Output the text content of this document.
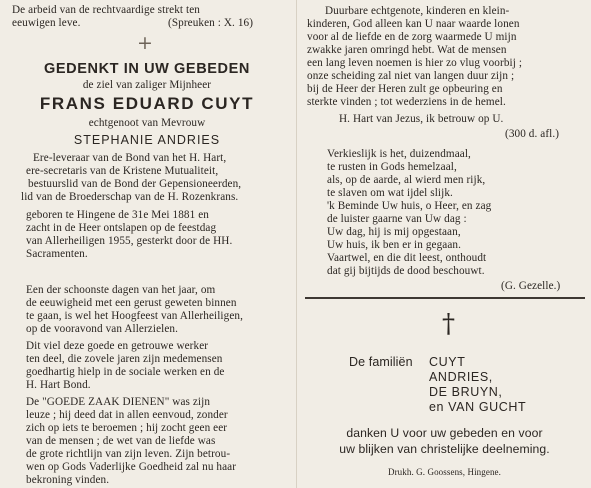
De arbeid van de rechtvaardige strekt ten
eeuwigen leve.	(Spreuken : X. 16)
+
GEDENKT IN UW GEBEDEN
de ziel van zaliger Mijnheer
FRANS EDUARD CUYT
echtgenoot van Mevrouw
STEPHANIE ANDRIES
Ere-leveraar van de Bond van het H. Hart,
ere-secretaris van de Kristene Mutualiteit,
bestuurslid van de Bond der Gepensioneerden,
lid van de Broederschap van de H. Rozenkrans.
geboren te Hingene de 31e Mei 1881 en
zacht in de Heer ontslapen op de feestdag
van Allerheiligen 1955, gesterkt door de HH.
Sacramenten.
Een der schoonste dagen van het jaar, om
de eeuwigheid met een gerust geweten binnen
te gaan, is wel het Hoogfeest van Allerheiligen,
op de vooravond van Allerzielen.
Dit viel deze goede en getrouwe werker
ten deel, die zovele jaren zijn medemensen
goedhartig hielp in de sociale werken en de
H. Hart Bond.
De "GOEDE ZAAK DIENEN" was zijn
leuze ; hij deed dat in allen eenvoud, zonder
zich op iets te beroemen ; hij zocht geen eer
van de mensen ; de wet van de liefde was
de grote richtlijn van zijn leven. Zijn betrou-
wen op Gods Vaderlijke Goedheid zal nu haar
bekroning vinden.
Duurbare echtgenote, kinderen en klein-
kinderen, God alleen kan U naar waarde lonen
voor al de liefde en de zorg waarmede U mijn
zwakke jaren omringd hebt. Wat de mensen
een lang leven noemen is hier zo vlug voorbij ;
onze scheiding zal niet van langen duur zijn ;
bij de Heer der Heren zult ge opbeuring en
sterkte vinden ; tot wederziens in de hemel.
H. Hart van Jezus, ik betrouw op U.
(300 d. afl.)
Verkieslijk is het, duizendmaal,
te rusten in Gods hemelzaal,
als, op de aarde, al wierd men rijk,
te slaven om wat ijdel slijk.
'k Beminde Uw huis, o Heer, en zag
de luister gaarne van Uw dag :
Uw dag, hij is mij opgestaan,
Uw huis, ik ben er in gegaan.
Vaartwel, en die dit leest, onthoudt
dat gij bijtijds de dood beschouwt.
(G. Gezelle.)
†
De familiën CUYT
ANDRIES,
DE BRUYN,
en VAN GUCHT
danken U voor uw gebeden en voor
uw blijken van christelijke deelneming.
Drukh. G. Goossens, Hingene.
